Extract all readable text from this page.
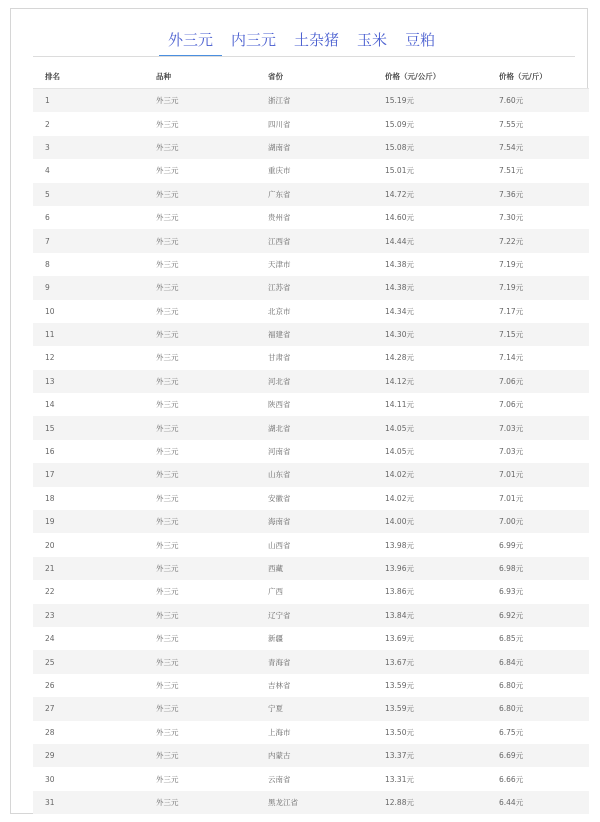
外三元	内三元	土杂猪	玉米	豆粕
排名	品种	省份	价格（元/公斤）	价格（元/斤）
1	外三元	浙江省	15.19元	7.60元
2	外三元	四川省	15.09元	7.55元
3	外三元	湖南省	15.08元	7.54元
4	外三元	重庆市	15.01元	7.51元
5	外三元	广东省	14.72元	7.36元
6	外三元	贵州省	14.60元	7.30元
7	外三元	江西省	14.44元	7.22元
8	外三元	天津市	14.38元	7.19元
9	外三元	江苏省	14.38元	7.19元
10	外三元	北京市	14.34元	7.17元
11	外三元	福建省	14.30元	7.15元
12	外三元	甘肃省	14.28元	7.14元
13	外三元	河北省	14.12元	7.06元
14	外三元	陕西省	14.11元	7.06元
15	外三元	湖北省	14.05元	7.03元
16	外三元	河南省	14.05元	7.03元
17	外三元	山东省	14.02元	7.01元
18	外三元	安徽省	14.02元	7.01元
19	外三元	海南省	14.00元	7.00元
20	外三元	山西省	13.98元	6.99元
21	外三元	西藏	13.96元	6.98元
22	外三元	广西	13.86元	6.93元
23	外三元	辽宁省	13.84元	6.92元
24	外三元	新疆	13.69元	6.85元
25	外三元	青海省	13.67元	6.84元
26	外三元	吉林省	13.59元	6.80元
27	外三元	宁夏	13.59元	6.80元
28	外三元	上海市	13.50元	6.75元
29	外三元	内蒙古	13.37元	6.69元
30	外三元	云南省	13.31元	6.66元
31	外三元	黑龙江省	12.88元	6.44元
